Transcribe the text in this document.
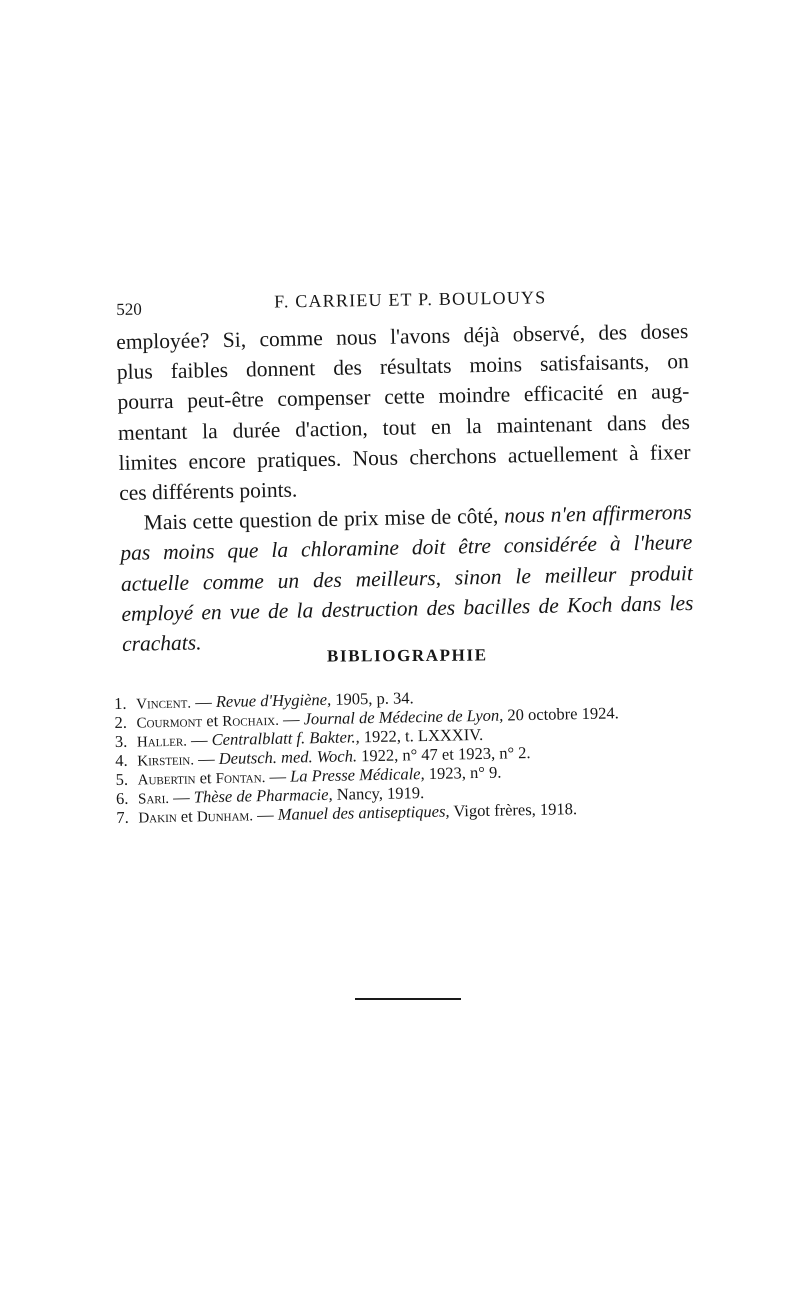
520	F. CARRIEU ET P. BOULOUYS
employée? Si, comme nous l'avons déjà observé, des doses
plus faibles donnent des résultats moins satisfaisants, on
pourra peut-être compenser cette moindre efficacité en aug-
mentant la durée d'action, tout en la maintenant dans des
limites encore pratiques. Nous cherchons actuellement à fixer
ces différents points.
Mais cette question de prix mise de côté, nous n'en affirmerons
pas moins que la chloramine doit être considérée à l'heure
actuelle comme un des meilleurs, sinon le meilleur produit
employé en vue de la destruction des bacilles de Koch dans les
crachats.	BIBLIOGRAPHIE
1. Vincent. — Revue d'Hygiène, 1905, p. 34.
2. Courmont et Rochaix. — Journal de Médecine de Lyon, 20 octobre 1924.
3. Haller. — Centralblatt f. Bakter., 1922, t. LXXXIV.
4. Kirstein. — Deutsch. med. Woch. 1922, n° 47 et 1923, n° 2.
5. Aubertin et Fontan. — La Presse Médicale, 1923, n° 9.
6. Sari. — Thèse de Pharmacie, Nancy, 1919.
7. Dakin et Dunham. — Manuel des antiseptiques, Vigot frères, 1918.
